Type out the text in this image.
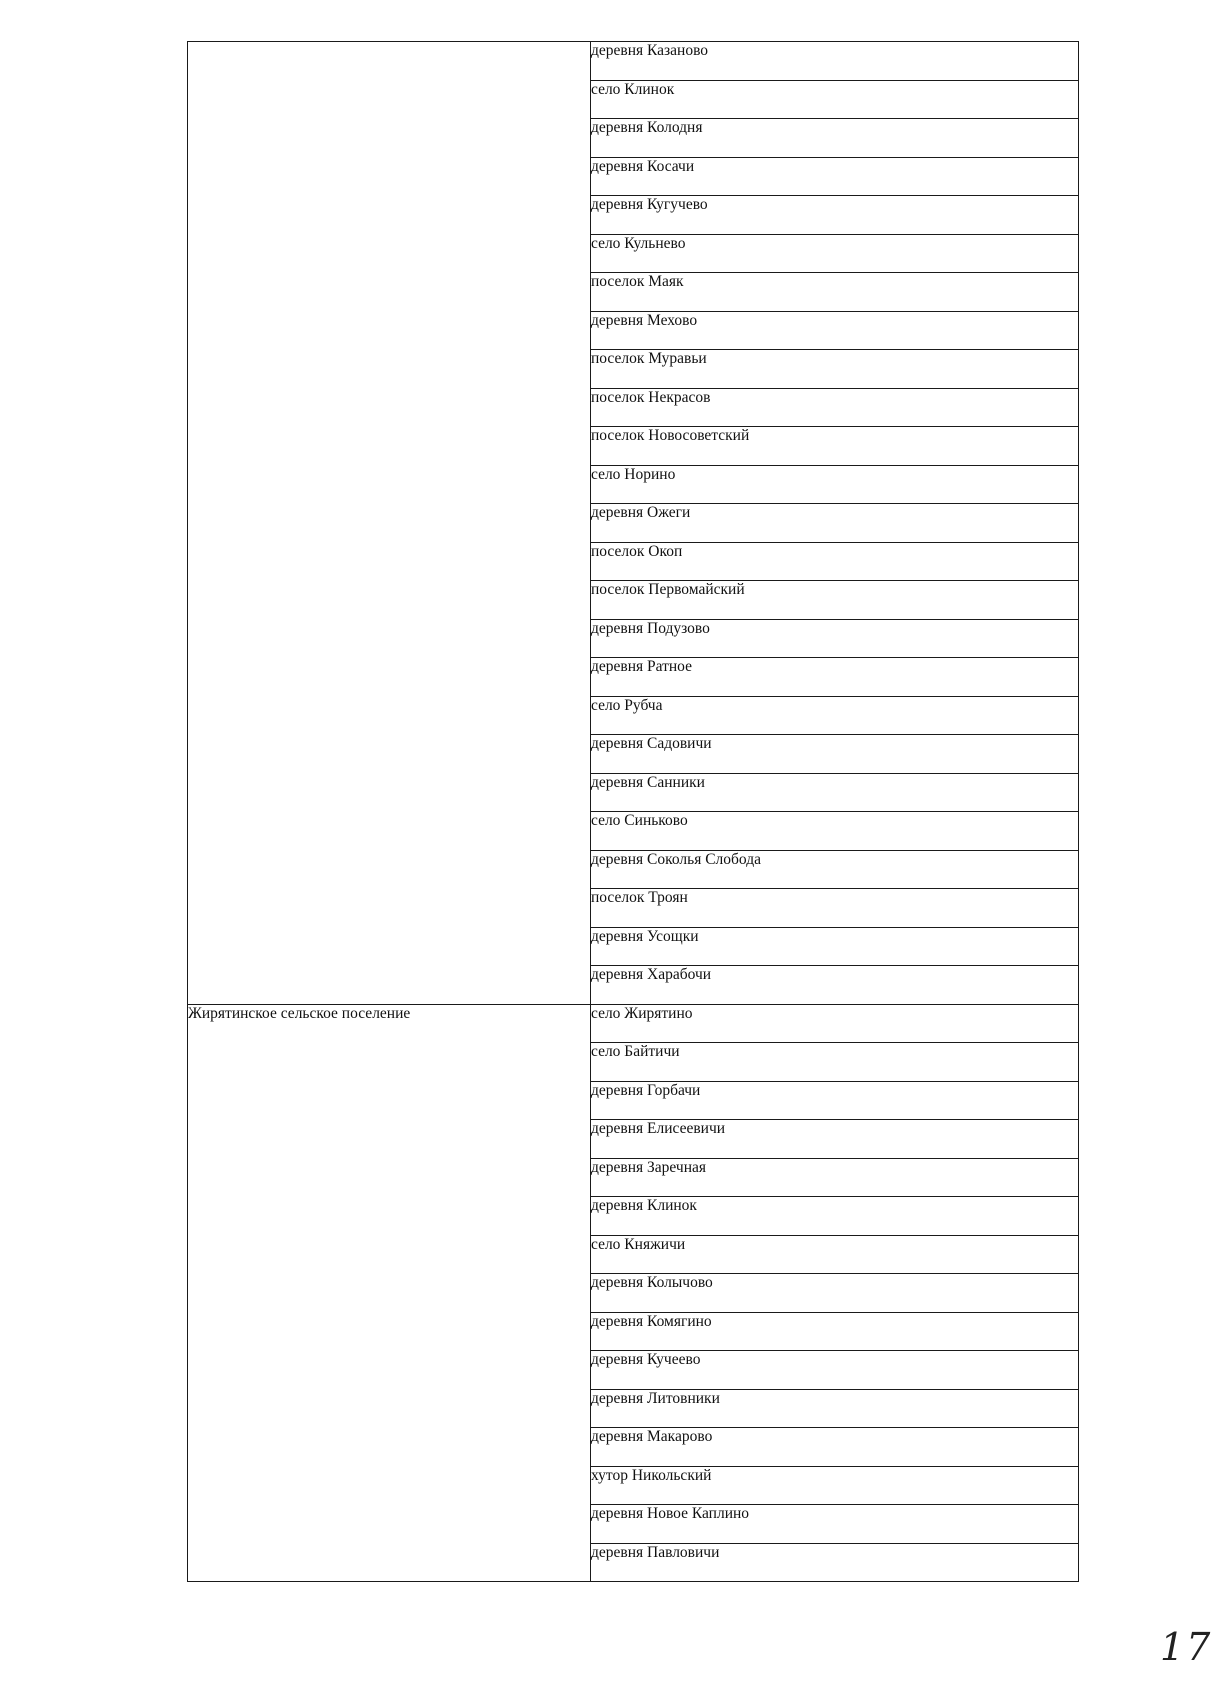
	деревня Казаново
	село Клинок
	деревня Колодня
	деревня Косачи
	деревня Кугучево
	село Кульнево
	поселок Маяк
	деревня Мехово
	поселок Муравьи
	поселок Некрасов
	поселок Новосоветский
	село Норино
	деревня Ожеги
	поселок Окоп
	поселок Первомайский
	деревня Подузово
	деревня Ратное
	село Рубча
	деревня Садовичи
	деревня Санники
	село Синьково
	деревня Соколья Слобода
	поселок Троян
	деревня Усощки
	деревня Харабочи
Жирятинское сельское поселение	село Жирятино
	село Байтичи
	деревня Горбачи
	деревня Елисеевичи
	деревня Заречная
	деревня Клинок
	село Княжичи
	деревня Колычово
	деревня Комягино
	деревня Кучеево
	деревня Литовники
	деревня Макарово
	хутор Никольский
	деревня Новое Каплино
	деревня Павловичи
17
